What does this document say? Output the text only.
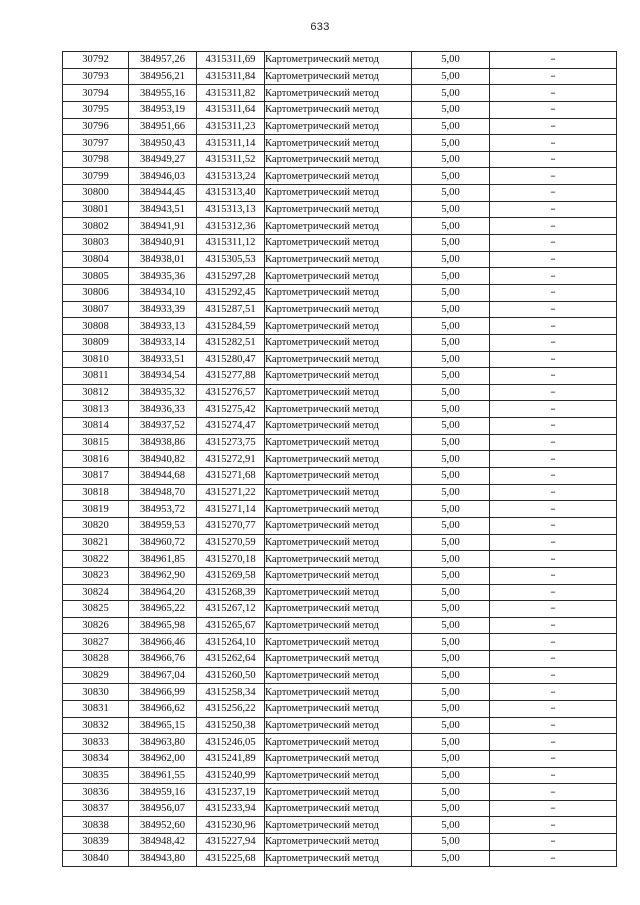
633
30792	384957,26	4315311,69	Картометрический метод	5,00	–
30793	384956,21	4315311,84	Картометрический метод	5,00	–
30794	384955,16	4315311,82	Картометрический метод	5,00	–
30795	384953,19	4315311,64	Картометрический метод	5,00	–
30796	384951,66	4315311,23	Картометрический метод	5,00	–
30797	384950,43	4315311,14	Картометрический метод	5,00	–
30798	384949,27	4315311,52	Картометрический метод	5,00	–
30799	384946,03	4315313,24	Картометрический метод	5,00	–
30800	384944,45	4315313,40	Картометрический метод	5,00	–
30801	384943,51	4315313,13	Картометрический метод	5,00	–
30802	384941,91	4315312,36	Картометрический метод	5,00	–
30803	384940,91	4315311,12	Картометрический метод	5,00	–
30804	384938,01	4315305,53	Картометрический метод	5,00	–
30805	384935,36	4315297,28	Картометрический метод	5,00	–
30806	384934,10	4315292,45	Картометрический метод	5,00	–
30807	384933,39	4315287,51	Картометрический метод	5,00	–
30808	384933,13	4315284,59	Картометрический метод	5,00	–
30809	384933,14	4315282,51	Картометрический метод	5,00	–
30810	384933,51	4315280,47	Картометрический метод	5,00	–
30811	384934,54	4315277,88	Картометрический метод	5,00	–
30812	384935,32	4315276,57	Картометрический метод	5,00	–
30813	384936,33	4315275,42	Картометрический метод	5,00	–
30814	384937,52	4315274,47	Картометрический метод	5,00	–
30815	384938,86	4315273,75	Картометрический метод	5,00	–
30816	384940,82	4315272,91	Картометрический метод	5,00	–
30817	384944,68	4315271,68	Картометрический метод	5,00	–
30818	384948,70	4315271,22	Картометрический метод	5,00	–
30819	384953,72	4315271,14	Картометрический метод	5,00	–
30820	384959,53	4315270,77	Картометрический метод	5,00	–
30821	384960,72	4315270,59	Картометрический метод	5,00	–
30822	384961,85	4315270,18	Картометрический метод	5,00	–
30823	384962,90	4315269,58	Картометрический метод	5,00	–
30824	384964,20	4315268,39	Картометрический метод	5,00	–
30825	384965,22	4315267,12	Картометрический метод	5,00	–
30826	384965,98	4315265,67	Картометрический метод	5,00	–
30827	384966,46	4315264,10	Картометрический метод	5,00	–
30828	384966,76	4315262,64	Картометрический метод	5,00	–
30829	384967,04	4315260,50	Картометрический метод	5,00	–
30830	384966,99	4315258,34	Картометрический метод	5,00	–
30831	384966,62	4315256,22	Картометрический метод	5,00	–
30832	384965,15	4315250,38	Картометрический метод	5,00	–
30833	384963,80	4315246,05	Картометрический метод	5,00	–
30834	384962,00	4315241,89	Картометрический метод	5,00	–
30835	384961,55	4315240,99	Картометрический метод	5,00	–
30836	384959,16	4315237,19	Картометрический метод	5,00	–
30837	384956,07	4315233,94	Картометрический метод	5,00	–
30838	384952,60	4315230,96	Картометрический метод	5,00	–
30839	384948,42	4315227,94	Картометрический метод	5,00	–
30840	384943,80	4315225,68	Картометрический метод	5,00	–
